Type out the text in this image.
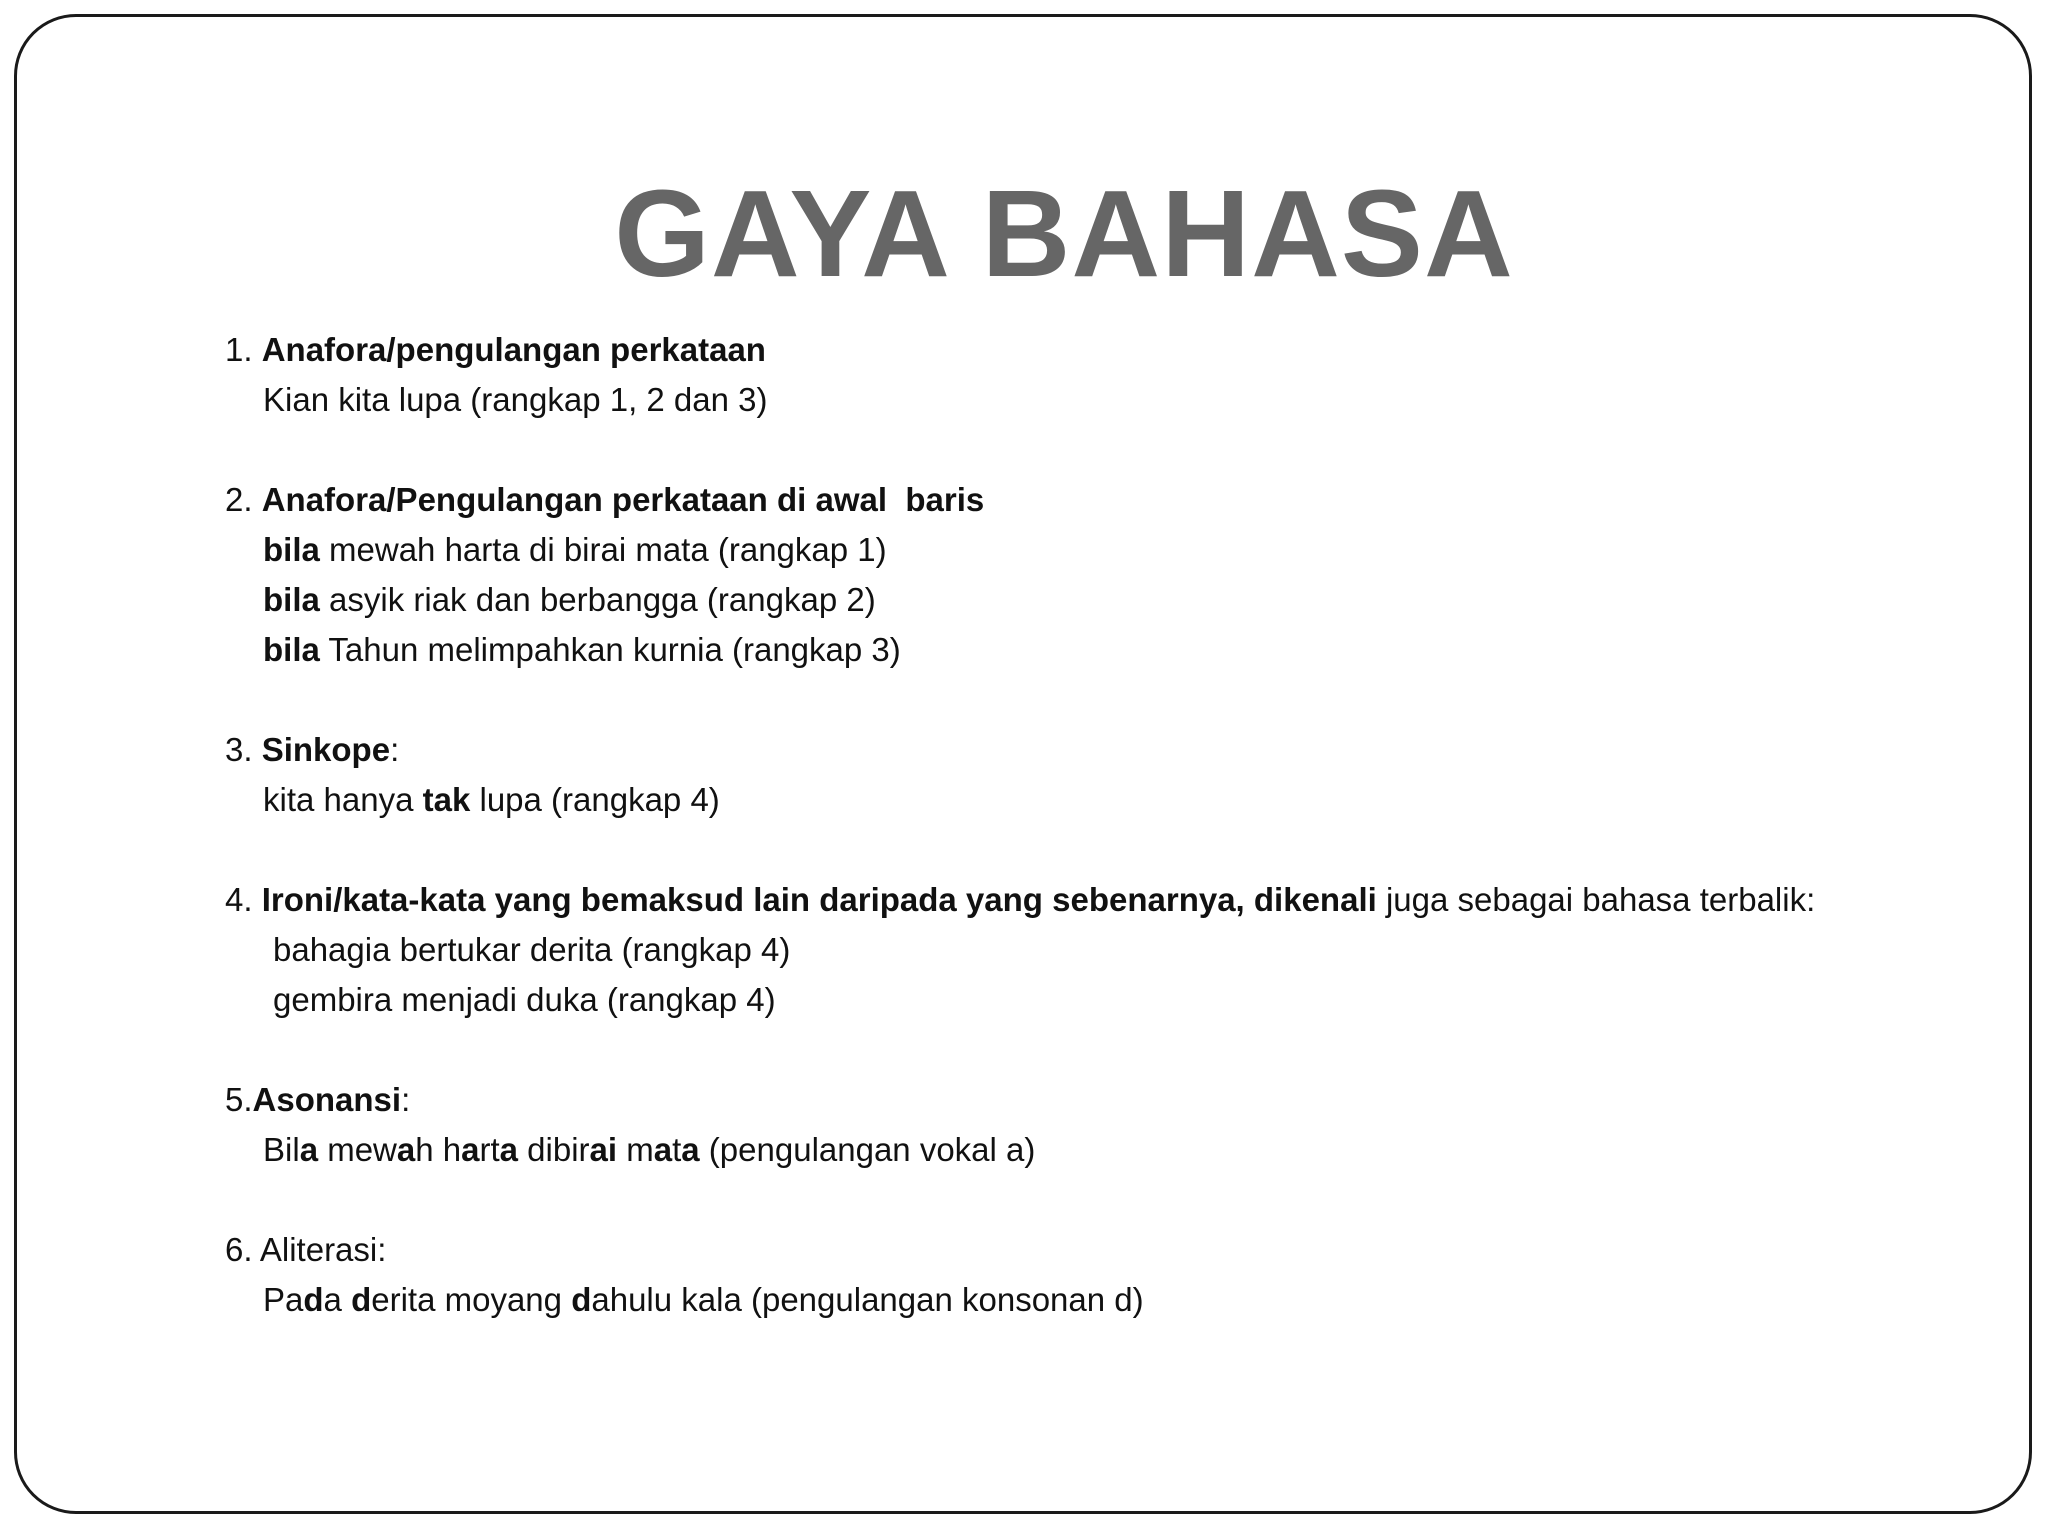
GAYA BAHASA
1. Anafora/pengulangan perkataan
Kian kita lupa (rangkap 1, 2 dan 3)
2. Anafora/Pengulangan perkataan di awal  baris
bila mewah harta di birai mata (rangkap 1)
bila asyik riak dan berbangga (rangkap 2)
bila Tahun melimpahkan kurnia (rangkap 3)
3. Sinkope:
kita hanya tak lupa (rangkap 4)
4. Ironi/kata-kata yang bemaksud lain daripada yang sebenarnya, dikenali juga sebagai bahasa terbalik:
bahagia bertukar derita (rangkap 4)
gembira menjadi duka (rangkap 4)
5.Asonansi:
Bila mewah harta dibirai mata (pengulangan vokal a)
6. Aliterasi:
Pada derita moyang dahulu kala (pengulangan konsonan d)
